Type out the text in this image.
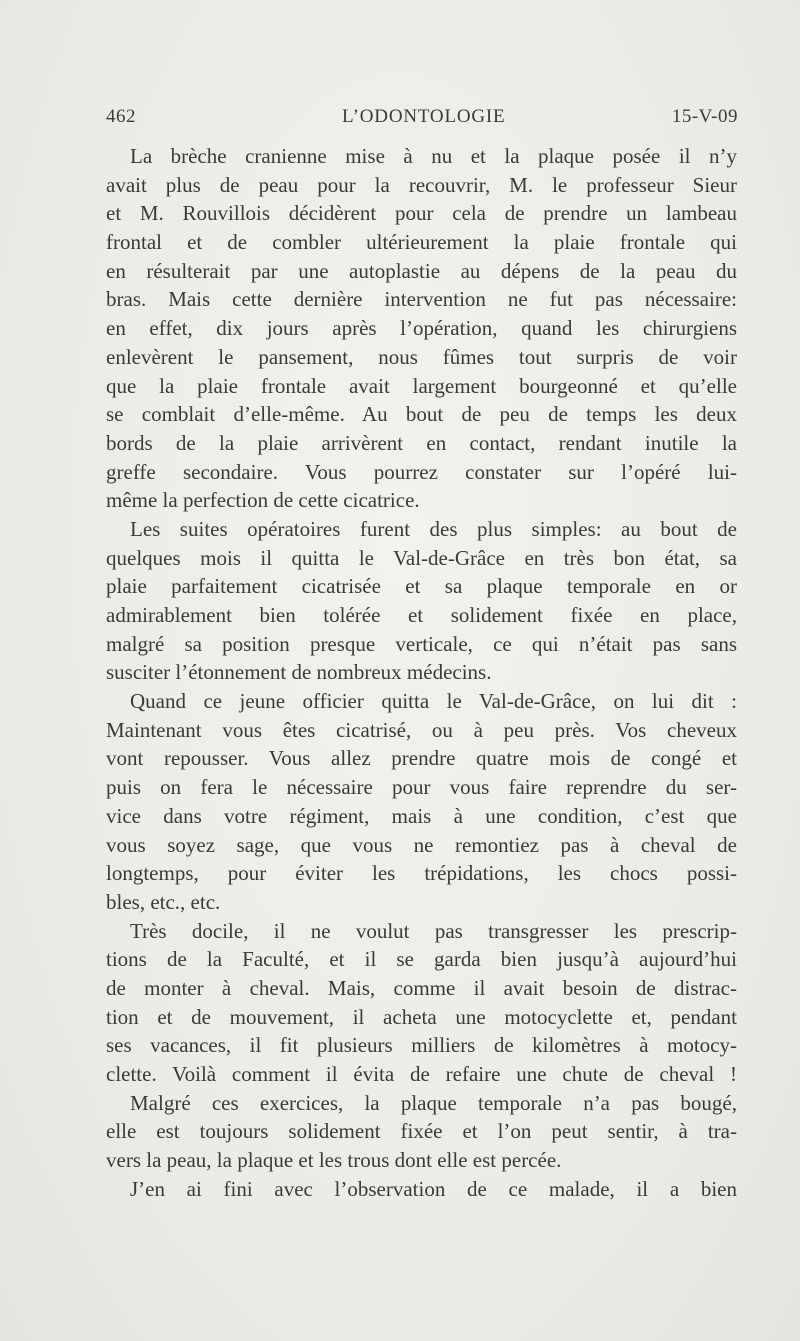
462	L’ODONTOLOGIE	15-V-09
La brèche cranienne mise à nu et la plaque posée il n’y
avait plus de peau pour la recouvrir, M. le professeur Sieur
et M. Rouvillois décidèrent pour cela de prendre un lambeau
frontal et de combler ultérieurement la plaie frontale qui
en résulterait par une autoplastie au dépens de la peau du
bras. Mais cette dernière intervention ne fut pas nécessaire:
en effet, dix jours après l’opération, quand les chirurgiens
enlevèrent le pansement, nous fûmes tout surpris de voir
que la plaie frontale avait largement bourgeonné et qu’elle
se comblait d’elle-même. Au bout de peu de temps les deux
bords de la plaie arrivèrent en contact, rendant inutile la
greffe secondaire. Vous pourrez constater sur l’opéré lui-
même la perfection de cette cicatrice.
Les suites opératoires furent des plus simples: au bout de
quelques mois il quitta le Val-de-Grâce en très bon état, sa
plaie parfaitement cicatrisée et sa plaque temporale en or
admirablement bien tolérée et solidement fixée en place,
malgré sa position presque verticale, ce qui n’était pas sans
susciter l’étonnement de nombreux médecins.
Quand ce jeune officier quitta le Val-de-Grâce, on lui dit :
Maintenant vous êtes cicatrisé, ou à peu près. Vos cheveux
vont repousser. Vous allez prendre quatre mois de congé et
puis on fera le nécessaire pour vous faire reprendre du ser-
vice dans votre régiment, mais à une condition, c’est que
vous soyez sage, que vous ne remontiez pas à cheval de
longtemps, pour éviter les trépidations, les chocs possi-
bles, etc., etc.
Très docile, il ne voulut pas transgresser les prescrip-
tions de la Faculté, et il se garda bien jusqu’à aujourd’hui
de monter à cheval. Mais, comme il avait besoin de distrac-
tion et de mouvement, il acheta une motocyclette et, pendant
ses vacances, il fit plusieurs milliers de kilomètres à motocy-
clette. Voilà comment il évita de refaire une chute de cheval !
Malgré ces exercices, la plaque temporale n’a pas bougé,
elle est toujours solidement fixée et l’on peut sentir, à tra-
vers la peau, la plaque et les trous dont elle est percée.
J’en ai fini avec l’observation de ce malade, il a bien
